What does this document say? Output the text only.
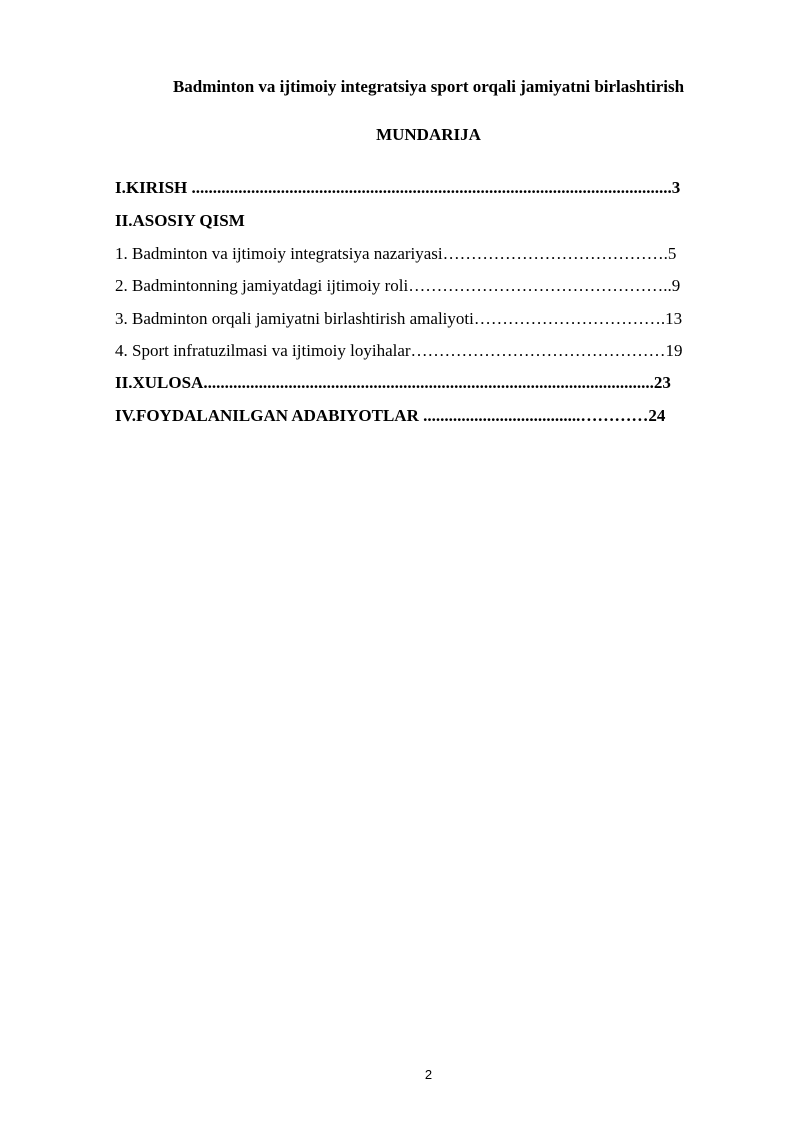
Badminton va ijtimoiy integratsiya sport orqali jamiyatni birlashtirish
MUNDARIJA
I.KIRISH .................................................................................................................3
II.ASOSIY QISM
1. Badminton va ijtimoiy integratsiya nazariyasi………………………………….5
2. Badmintonning jamiyatdagi ijtimoiy roli………………………………………..9
3. Badminton orqali jamiyatni birlashtirish amaliyoti…………………………….13
4. Sport infratuzilmasi va ijtimoiy loyihalar………………………………………19
II.XULOSA..........................................................................................................23
IV.FOYDALANILGAN ADABIYOTLAR .....................................…………24
2
